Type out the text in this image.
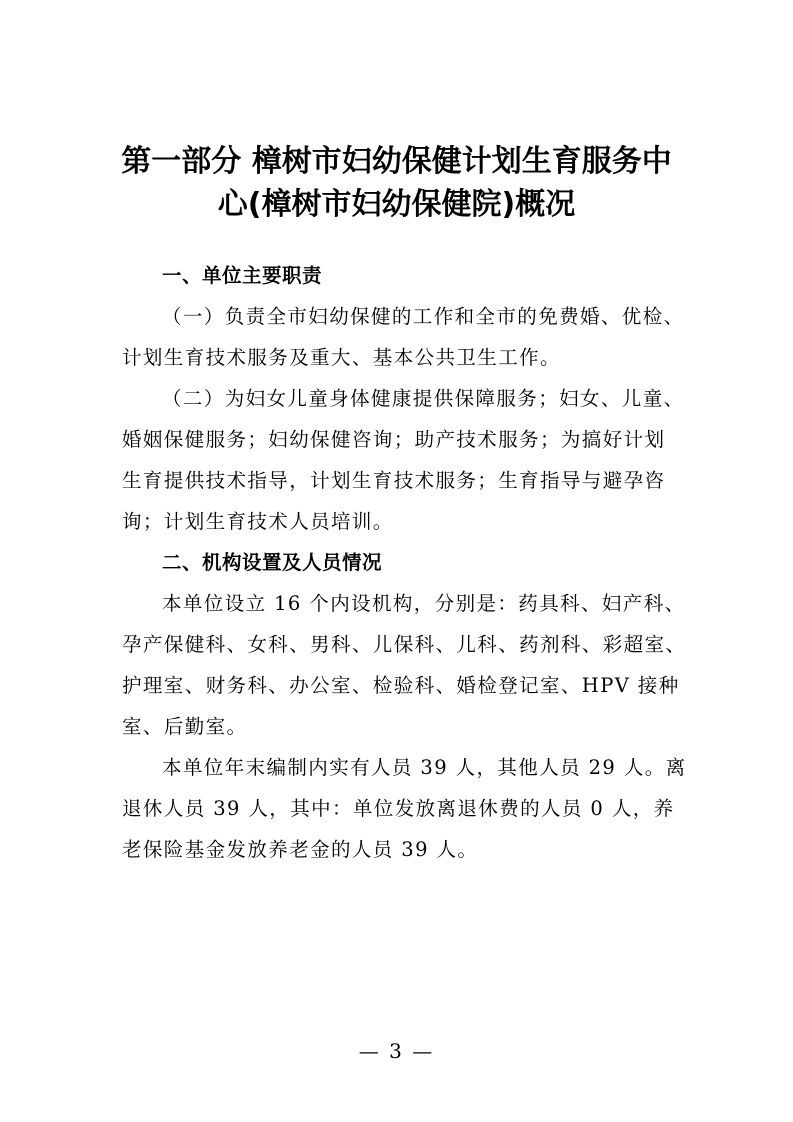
第一部分 樟树市妇幼保健计划生育服务中
心(樟树市妇幼保健院)概况
一、单位主要职责
（一）负责全市妇幼保健的工作和全市的免费婚、优检、
计划生育技术服务及重大、基本公共卫生工作。
（二）为妇女儿童身体健康提供保障服务；妇女、儿童、
婚姻保健服务；妇幼保健咨询；助产技术服务；为搞好计划
生育提供技术指导，计划生育技术服务；生育指导与避孕咨
询；计划生育技术人员培训。
二、机构设置及人员情况
本单位设立 16 个内设机构，分别是：药具科、妇产科、
孕产保健科、女科、男科、儿保科、儿科、药剂科、彩超室、
护理室、财务科、办公室、检验科、婚检登记室、HPV 接种
室、后勤室。
本单位年末编制内实有人员 39 人，其他人员 29 人。离
退休人员 39 人，其中：单位发放离退休费的人员 0 人，养
老保险基金发放养老金的人员 39 人。
— 3 —
